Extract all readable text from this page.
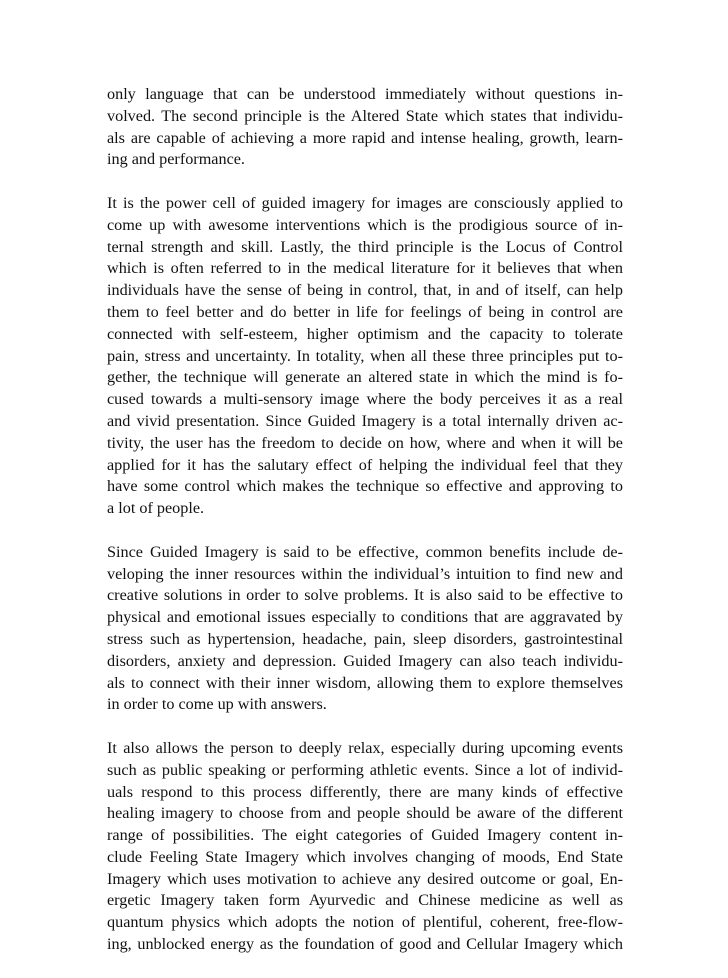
only language that can be understood immediately without questions in-
volved. The second principle is the Altered State which states that individu-
als are capable of achieving a more rapid and intense healing, growth, learn-
ing and performance.
It is the power cell of guided imagery for images are consciously applied to
come up with awesome interventions which is the prodigious source of in-
ternal strength and skill. Lastly, the third principle is the Locus of Control
which is often referred to in the medical literature for it believes that when
individuals have the sense of being in control, that, in and of itself, can help
them to feel better and do better in life for feelings of being in control are
connected with self-esteem, higher optimism and the capacity to tolerate
pain, stress and uncertainty. In totality, when all these three principles put to-
gether, the technique will generate an altered state in which the mind is fo-
cused towards a multi-sensory image where the body perceives it as a real
and vivid presentation. Since Guided Imagery is a total internally driven ac-
tivity, the user has the freedom to decide on how, where and when it will be
applied for it has the salutary effect of helping the individual feel that they
have some control which makes the technique so effective and approving to
a lot of people.
Since Guided Imagery is said to be effective, common benefits include de-
veloping the inner resources within the individual’s intuition to find new and
creative solutions in order to solve problems. It is also said to be effective to
physical and emotional issues especially to conditions that are aggravated by
stress such as hypertension, headache, pain, sleep disorders, gastrointestinal
disorders, anxiety and depression. Guided Imagery can also teach individu-
als to connect with their inner wisdom, allowing them to explore themselves
in order to come up with answers.
It also allows the person to deeply relax, especially during upcoming events
such as public speaking or performing athletic events. Since a lot of individ-
uals respond to this process differently, there are many kinds of effective
healing imagery to choose from and people should be aware of the different
range of possibilities. The eight categories of Guided Imagery content in-
clude Feeling State Imagery which involves changing of moods, End State
Imagery which uses motivation to achieve any desired outcome or goal, En-
ergetic Imagery taken form Ayurvedic and Chinese medicine as well as
quantum physics which adopts the notion of plentiful, coherent, free-flow-
ing, unblocked energy as the foundation of good and Cellular Imagery which
